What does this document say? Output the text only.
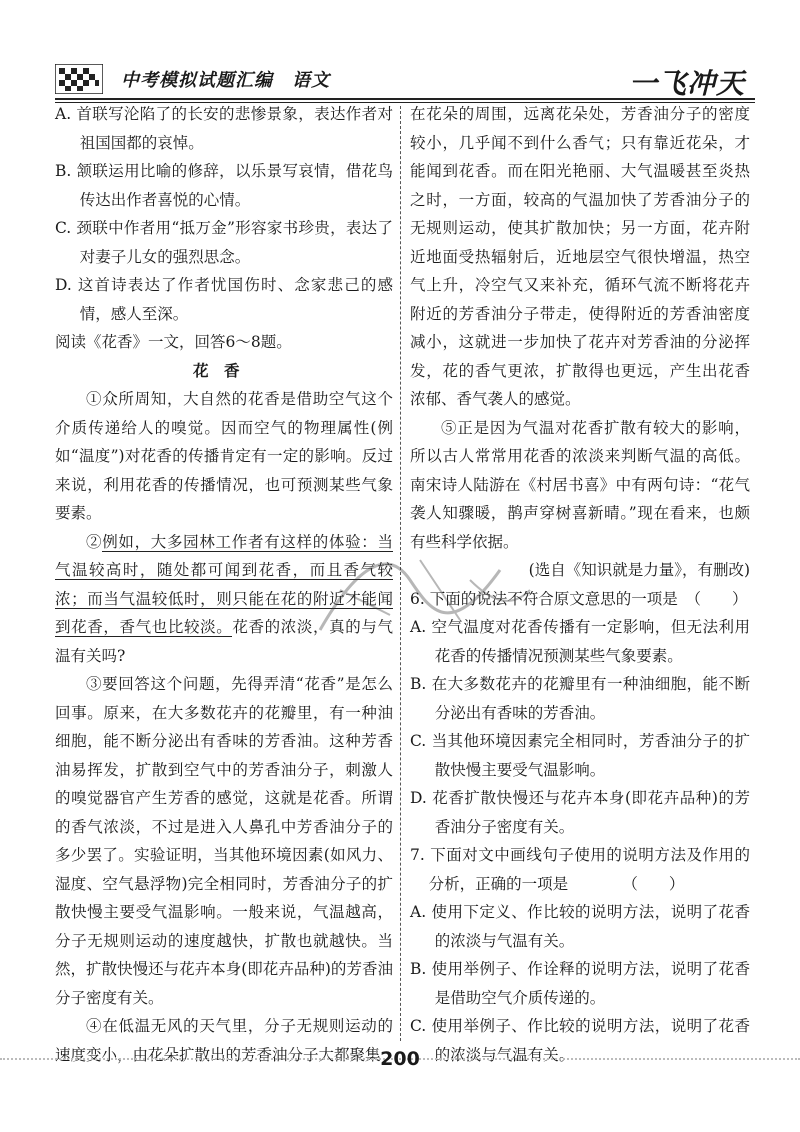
中考模拟试题汇编　语文	一飞冲天

A. 首联写沦陷了的长安的悲惨景象，表达作者对祖国国都的哀悼。

B. 颔联运用比喻的修辞，以乐景写哀情，借花鸟传达出作者喜悦的心情。

C. 颈联中作者用“抵万金”形容家书珍贵，表达了对妻子儿女的强烈思念。

D. 这首诗表达了作者忧国伤时、念家悲己的感情，感人至深。

阅读《花香》一文，回答6～8题。

花香

①众所周知，大自然的花香是借助空气这个介质传递给人的嗅觉。因而空气的物理属性(例如“温度”)对花香的传播肯定有一定的影响。反过来说，利用花香的传播情况，也可预测某些气象要素。

②例如，大多园林工作者有这样的体验：当气温较高时，随处都可闻到花香，而且香气较浓；而当气温较低时，则只能在花的附近才能闻到花香，香气也比较淡。花香的浓淡，真的与气温有关吗?

③要回答这个问题，先得弄清“花香”是怎么回事。原来，在大多数花卉的花瓣里，有一种油细胞，能不断分泌出有香味的芳香油。这种芳香油易挥发，扩散到空气中的芳香油分子，刺激人的嗅觉器官产生芳香的感觉，这就是花香。所谓的香气浓淡，不过是进入人鼻孔中芳香油分子的多少罢了。实验证明，当其他环境因素(如风力、湿度、空气悬浮物)完全相同时，芳香油分子的扩散快慢主要受气温影响。一般来说，气温越高，分子无规则运动的速度越快，扩散也就越快。当然，扩散快慢还与花卉本身(即花卉品种)的芳香油分子密度有关。

④在低温无风的天气里，分子无规则运动的速度变小，由花朵扩散出的芳香油分子大都聚集

在花朵的周围，远离花朵处，芳香油分子的密度较小，几乎闻不到什么香气；只有靠近花朵，才能闻到花香。而在阳光艳丽、大气温暖甚至炎热之时，一方面，较高的气温加快了芳香油分子的无规则运动，使其扩散加快；另一方面，花卉附近地面受热辐射后，近地层空气很快增温，热空气上升，冷空气又来补充，循环气流不断将花卉附近的芳香油分子带走，使得附近的芳香油密度减小，这就进一步加快了花卉对芳香油的分泌挥发，花的香气更浓，扩散得也更远，产生出花香浓郁、香气袭人的感觉。

⑤正是因为气温对花香扩散有较大的影响，所以古人常常用花香的浓淡来判断气温的高低。南宋诗人陆游在《村居书喜》中有两句诗：“花气袭人知骤暖，鹊声穿树喜新晴。”现在看来，也颇有些科学依据。

(选自《知识就是力量》，有删改)

6. 下面的说法不符合原文意思的一项是　（　　）

A. 空气温度对花香传播有一定影响，但无法利用花香的传播情况预测某些气象要素。

B. 在大多数花卉的花瓣里有一种油细胞，能不断分泌出有香味的芳香油。

C. 当其他环境因素完全相同时，芳香油分子的扩散快慢主要受气温影响。

D. 花香扩散快慢还与花卉本身(即花卉品种)的芳香油分子密度有关。

7. 下面对文中画线句子使用的说明方法及作用的分析，正确的一项是　　　　（　　）

A. 使用下定义、作比较的说明方法，说明了花香的浓淡与气温有关。

B. 使用举例子、作诠释的说明方法，说明了花香是借助空气介质传递的。

C. 使用举例子、作比较的说明方法，说明了花香的浓淡与气温有关。

200
